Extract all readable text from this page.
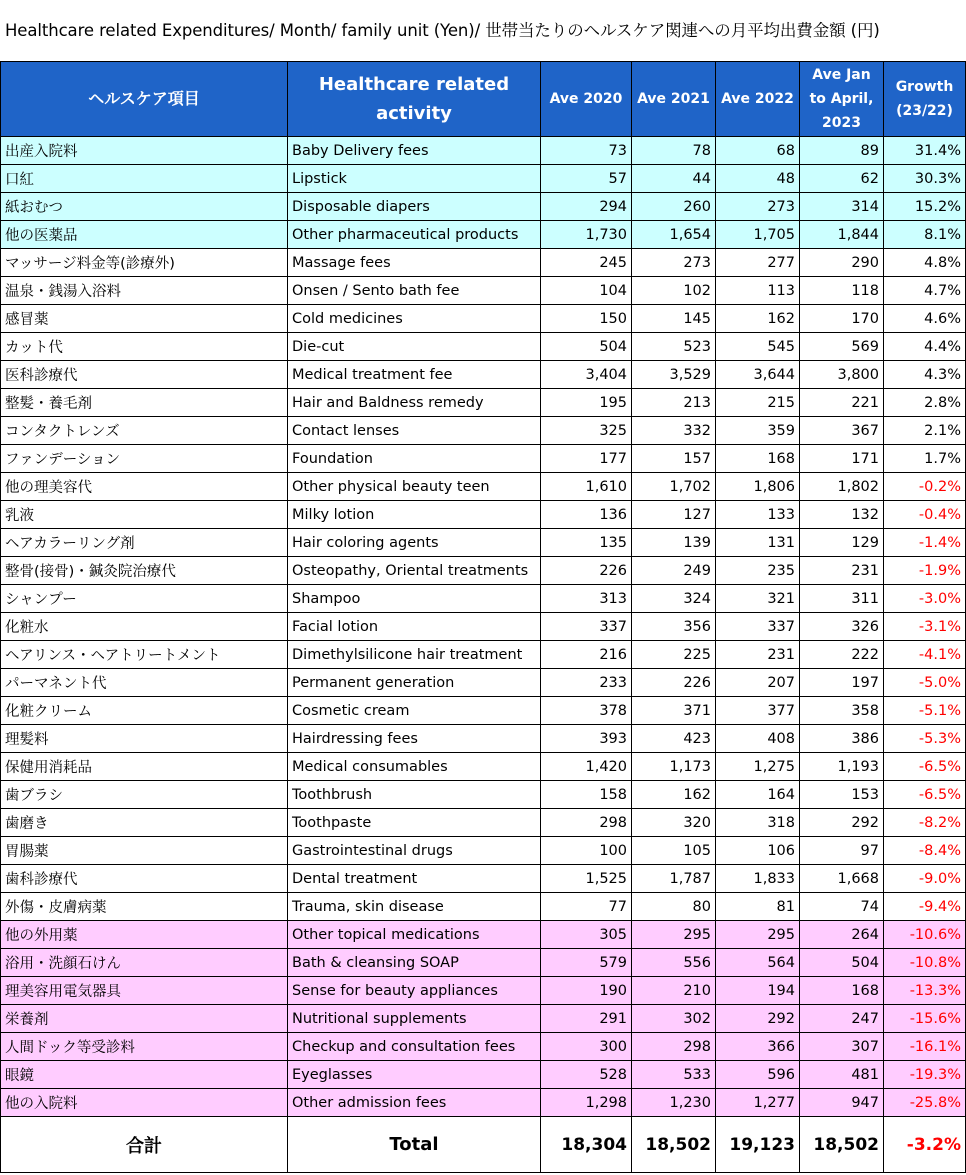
Healthcare related Expenditures/ Month/ family unit (Yen)/ 世帯当たりのヘルスケア関連への月平均出費金額 (円)
ヘルスケア項目	Healthcare related activity	Ave 2020	Ave 2021	Ave 2022	Ave Jan to April, 2023	Growth (23/22)
出産入院料	Baby Delivery fees	73	78	68	89	31.4%
口紅	Lipstick	57	44	48	62	30.3%
紙おむつ	Disposable diapers	294	260	273	314	15.2%
他の医薬品	Other pharmaceutical products	1,730	1,654	1,705	1,844	8.1%
マッサージ料金等(診療外)	Massage fees	245	273	277	290	4.8%
温泉・銭湯入浴料	Onsen / Sento bath fee	104	102	113	118	4.7%
感冒薬	Cold medicines	150	145	162	170	4.6%
カット代	Die-cut	504	523	545	569	4.4%
医科診療代	Medical treatment fee	3,404	3,529	3,644	3,800	4.3%
整髪・養毛剤	Hair and Baldness remedy	195	213	215	221	2.8%
コンタクトレンズ	Contact lenses	325	332	359	367	2.1%
ファンデーション	Foundation	177	157	168	171	1.7%
他の理美容代	Other physical beauty teen	1,610	1,702	1,806	1,802	-0.2%
乳液	Milky lotion	136	127	133	132	-0.4%
ヘアカラーリング剤	Hair coloring agents	135	139	131	129	-1.4%
整骨(接骨)・鍼灸院治療代	Osteopathy, Oriental treatments	226	249	235	231	-1.9%
シャンプー	Shampoo	313	324	321	311	-3.0%
化粧水	Facial lotion	337	356	337	326	-3.1%
ヘアリンス・ヘアトリートメント	Dimethylsilicone hair treatment	216	225	231	222	-4.1%
パーマネント代	Permanent generation	233	226	207	197	-5.0%
化粧クリーム	Cosmetic cream	378	371	377	358	-5.1%
理髪料	Hairdressing fees	393	423	408	386	-5.3%
保健用消耗品	Medical consumables	1,420	1,173	1,275	1,193	-6.5%
歯ブラシ	Toothbrush	158	162	164	153	-6.5%
歯磨き	Toothpaste	298	320	318	292	-8.2%
胃腸薬	Gastrointestinal drugs	100	105	106	97	-8.4%
歯科診療代	Dental treatment	1,525	1,787	1,833	1,668	-9.0%
外傷・皮膚病薬	Trauma, skin disease	77	80	81	74	-9.4%
他の外用薬	Other topical medications	305	295	295	264	-10.6%
浴用・洗顔石けん	Bath & cleansing SOAP	579	556	564	504	-10.8%
理美容用電気器具	Sense for beauty appliances	190	210	194	168	-13.3%
栄養剤	Nutritional supplements	291	302	292	247	-15.6%
人間ドック等受診料	Checkup and consultation fees	300	298	366	307	-16.1%
眼鏡	Eyeglasses	528	533	596	481	-19.3%
他の入院料	Other admission fees	1,298	1,230	1,277	947	-25.8%
合計	Total	18,304	18,502	19,123	18,502	-3.2%
